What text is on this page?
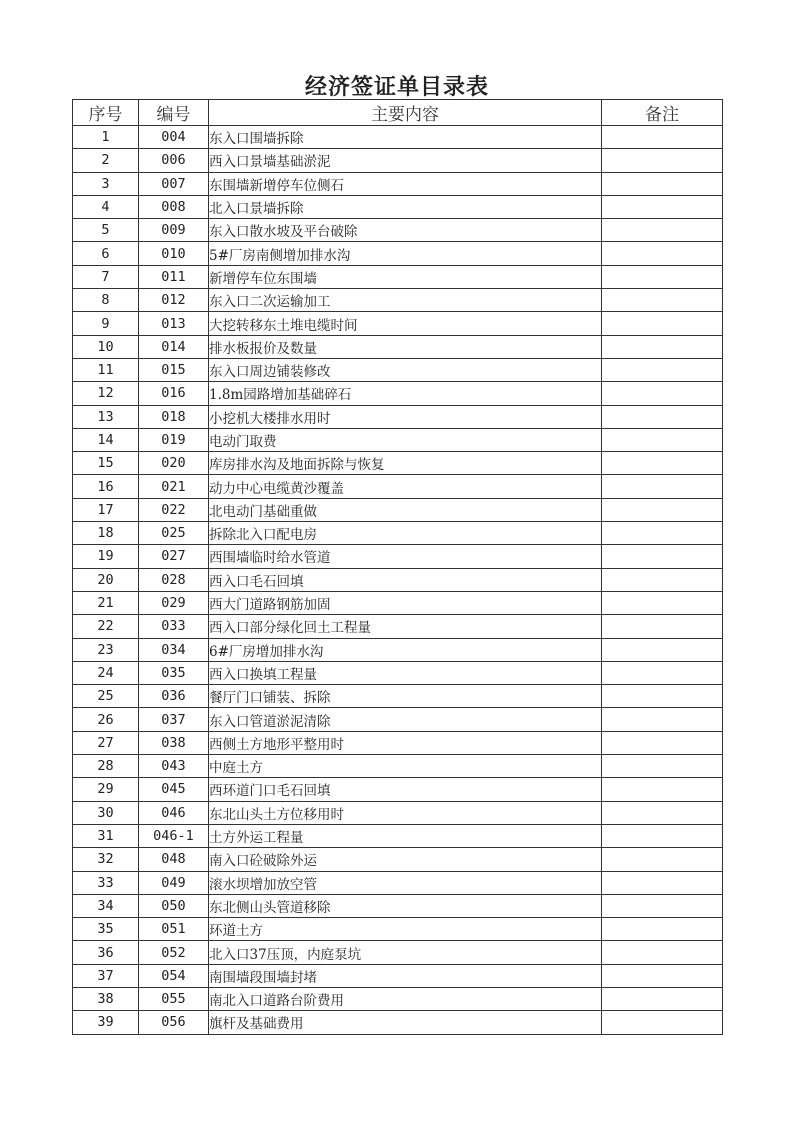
经济签证单目录表
序号	编号	主要内容	备注
1	004	东入口围墙拆除	
2	006	西入口景墙基础淤泥	
3	007	东围墙新增停车位侧石	
4	008	北入口景墙拆除	
5	009	东入口散水坡及平台破除	
6	010	5#厂房南侧增加排水沟	
7	011	新增停车位东围墙	
8	012	东入口二次运输加工	
9	013	大挖转移东土堆电缆时间	
10	014	排水板报价及数量	
11	015	东入口周边铺装修改	
12	016	1.8m园路增加基础碎石	
13	018	小挖机大楼排水用时	
14	019	电动门取费	
15	020	库房排水沟及地面拆除与恢复	
16	021	动力中心电缆黄沙覆盖	
17	022	北电动门基础重做	
18	025	拆除北入口配电房	
19	027	西围墙临时给水管道	
20	028	西入口毛石回填	
21	029	西大门道路钢筋加固	
22	033	西入口部分绿化回土工程量	
23	034	6#厂房增加排水沟	
24	035	西入口换填工程量	
25	036	餐厅门口铺装、拆除	
26	037	东入口管道淤泥清除	
27	038	西侧土方地形平整用时	
28	043	中庭土方	
29	045	西环道门口毛石回填	
30	046	东北山头土方位移用时	
31	046-1	土方外运工程量	
32	048	南入口砼破除外运	
33	049	滚水坝增加放空管	
34	050	东北侧山头管道移除	
35	051	环道土方	
36	052	北入口37压顶，内庭泵坑	
37	054	南围墙段围墙封堵	
38	055	南北入口道路台阶费用	
39	056	旗杆及基础费用	
